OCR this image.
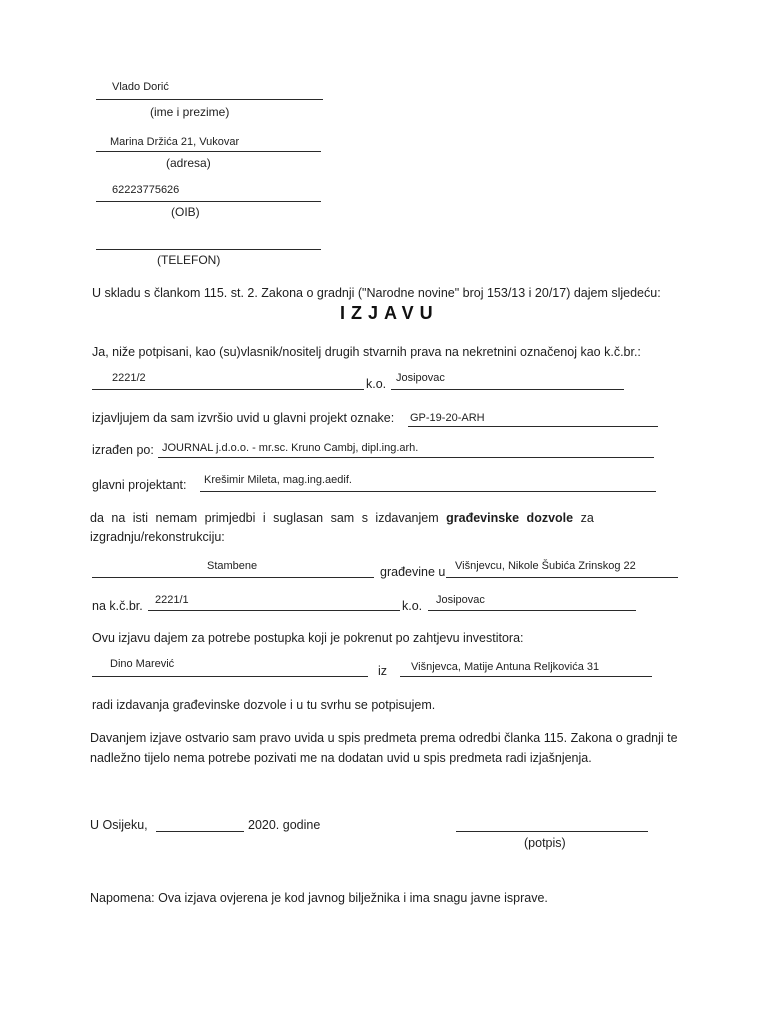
Vlado Dorić
(ime i prezime)
Marina Držića 21, Vukovar
(adresa)
62223775626
(OIB)
(TELEFON)
U skladu s člankom 115. st. 2. Zakona o gradnji ("Narodne novine" broj 153/13 i 20/17) dajem sljedeću:
IZJAVU
Ja, niže potpisani, kao (su)vlasnik/nositelj drugih stvarnih prava na nekretnini označenoj kao k.č.br.:
2221/2	k.o. Josipovac
izjavljujem da sam izvršio uvid u glavni projekt oznake: GP-19-20-ARH
izrađen po: JOURNAL j.d.o.o. - mr.sc. Kruno Cambj, dipl.ing.arh.
glavni projektant: Krešimir Mileta, mag.ing.aedif.
da na isti nemam primjedbi i suglasan sam s izdavanjem građevinske dozvole za
izgradnju/rekonstrukciju:
Stambene	građevine u Višnjevcu, Nikole Šubića Zrinskog 22
na k.č.br. 2221/1	k.o. Josipovac
Ovu izjavu dajem za potrebe postupka koji je pokrenut po zahtjevu investitora:
Dino Marević	iz Višnjevca, Matije Antuna Reljkovića 31
radi izdavanja građevinske dozvole i u tu svrhu se potpisujem.
Davanjem izjave ostvario sam pravo uvida u spis predmeta prema odredbi članka 115. Zakona o gradnji te nadležno tijelo nema potrebe pozivati me na dodatan uvid u spis predmeta radi izjašnjenja.
U Osijeku,	2020. godine
(potpis)
Napomena: Ova izjava ovjerena je kod javnog bilježnika i ima snagu javne isprave.
